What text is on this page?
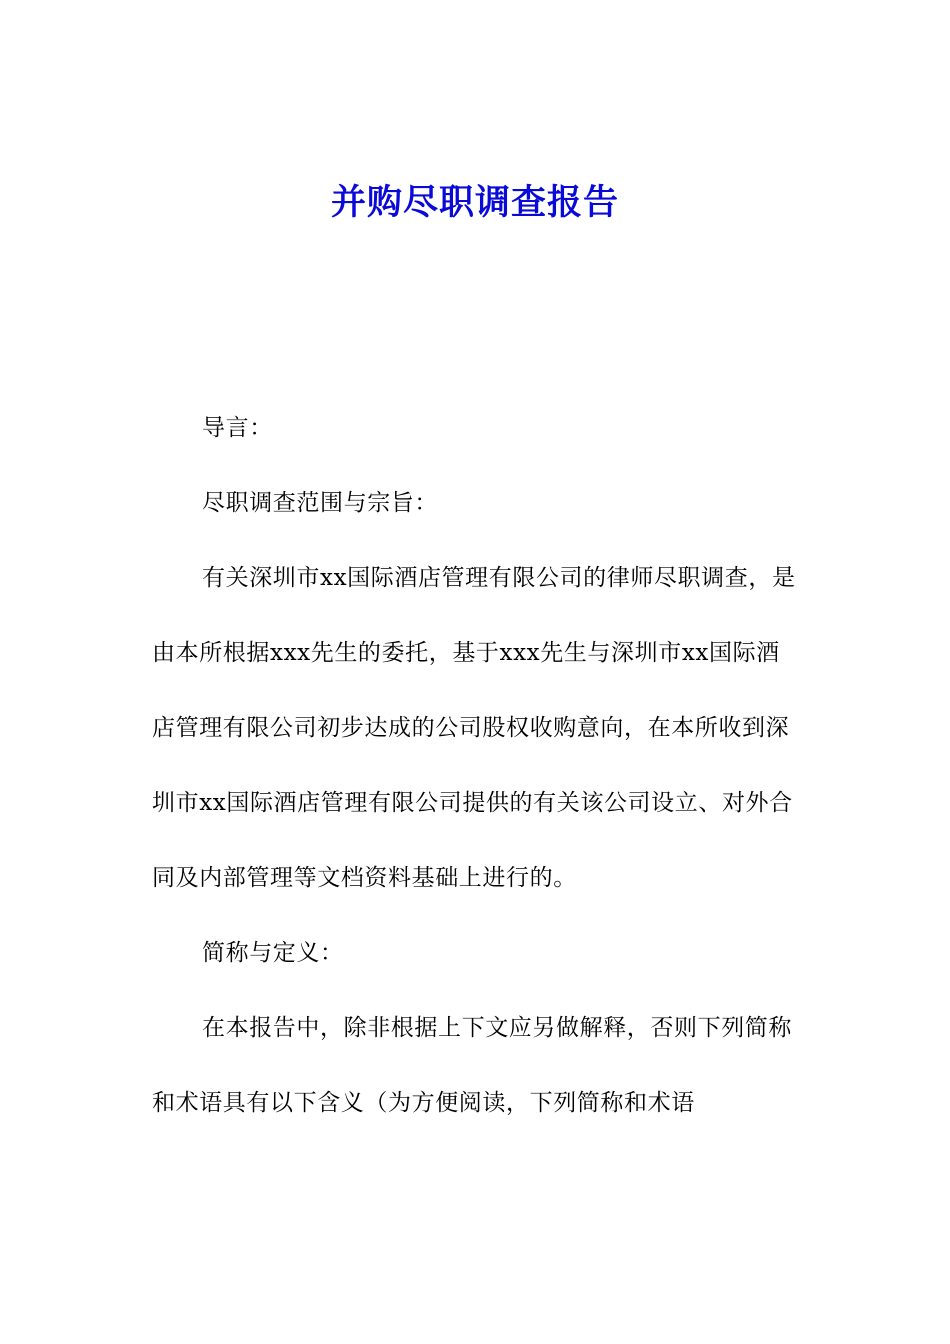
并购尽职调查报告

导言：

尽职调查范围与宗旨：

有关深圳市xx国际酒店管理有限公司的律师尽职调查，是由本所根据xxx先生的委托，基于xxx先生与深圳市xx国际酒店管理有限公司初步达成的公司股权收购意向，在本所收到深圳市xx国际酒店管理有限公司提供的有关该公司设立、对外合同及内部管理等文档资料基础上进行的。

简称与定义：

在本报告中，除非根据上下文应另做解释，否则下列简称和术语具有以下含义（为方便阅读，下列简称和术语
